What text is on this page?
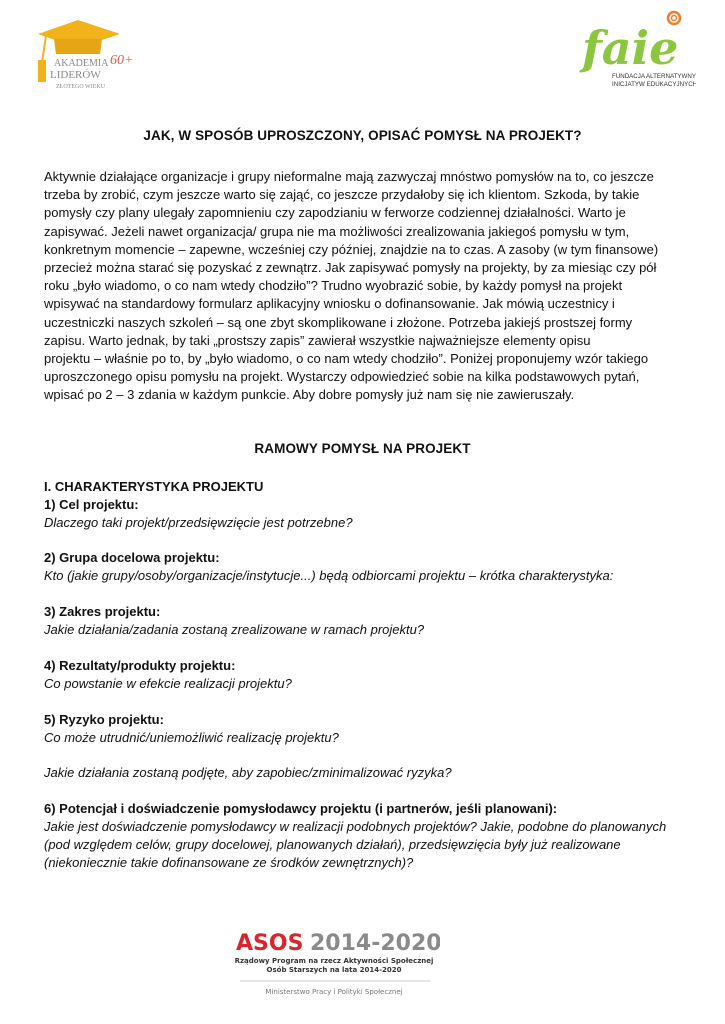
AKADEMIA
LIDERÓW
ZŁOTEGO WIEKU
60+	faie
FUNDACJA ALTERNATYWNYCH
INICJATYW EDUKACYJNYCH
JAK, W SPOSÓB UPROSZCZONY, OPISAĆ POMYSŁ NA PROJEKT?

Aktywnie działające organizacje i grupy nieformalne mają zazwyczaj mnóstwo pomysłów na to, co jeszcze
trzeba by zrobić, czym jeszcze warto się zająć, co jeszcze przydałoby się ich klientom. Szkoda, by takie
pomysły czy plany ulegały zapomnieniu czy zapodzianiu w ferworze codziennej działalności. Warto je
zapisywać. Jeżeli nawet organizacja/ grupa nie ma możliwości zrealizowania jakiegoś pomysłu w tym,
konkretnym momencie – zapewne, wcześniej czy później, znajdzie na to czas. A zasoby (w tym finansowe)
przecież można starać się pozyskać z zewnątrz. Jak zapisywać pomysły na projekty, by za miesiąc czy pół
roku „było wiadomo, o co nam wtedy chodziło”? Trudno wyobrazić sobie, by każdy pomysł na projekt
wpisywać na standardowy formularz aplikacyjny wniosku o dofinansowanie. Jak mówią uczestnicy i
uczestniczki naszych szkoleń – są one zbyt skomplikowane i złożone. Potrzeba jakiejś prostszej formy
zapisu. Warto jednak, by taki „prostszy zapis” zawierał wszystkie najważniejsze elementy opisu
projektu – właśnie po to, by „było wiadomo, o co nam wtedy chodziło”. Poniżej proponujemy wzór takiego
uproszczonego opisu pomysłu na projekt. Wystarczy odpowiedzieć sobie na kilka podstawowych pytań,
wpisać po 2 – 3 zdania w każdym punkcie. Aby dobre pomysły już nam się nie zawieruszały.

RAMOWY POMYSŁ NA PROJEKT
I. CHARAKTERYSTYKA PROJEKTU
1) Cel projektu:
Dlaczego taki projekt/przedsięwzięcie jest potrzebne?
2) Grupa docelowa projektu:
Kto (jakie grupy/osoby/organizacje/instytucje...) będą odbiorcami projektu – krótka charakterystyka:
3) Zakres projektu:
Jakie działania/zadania zostaną zrealizowane w ramach projektu?
4) Rezultaty/produkty projektu:
Co powstanie w efekcie realizacji projektu?
5) Ryzyko projektu:
Co może utrudnić/uniemożliwić realizację projektu?
Jakie działania zostaną podjęte, aby zapobiec/zminimalizować ryzyka?
6) Potencjał i doświadczenie pomysłodawcy projektu (i partnerów, jeśli planowani):
Jakie jest doświadczenie pomysłodawcy w realizacji podobnych projektów? Jakie, podobne do planowanych
(pod względem celów, grupy docelowej, planowanych działań), przedsięwzięcia były już realizowane
(niekoniecznie takie dofinansowane ze środków zewnętrznych)?
ASOS 2014-2020
Rządowy Program na rzecz Aktywności Społecznej
Osób Starszych na lata 2014-2020
Ministerstwo Pracy i Polityki Społecznej
